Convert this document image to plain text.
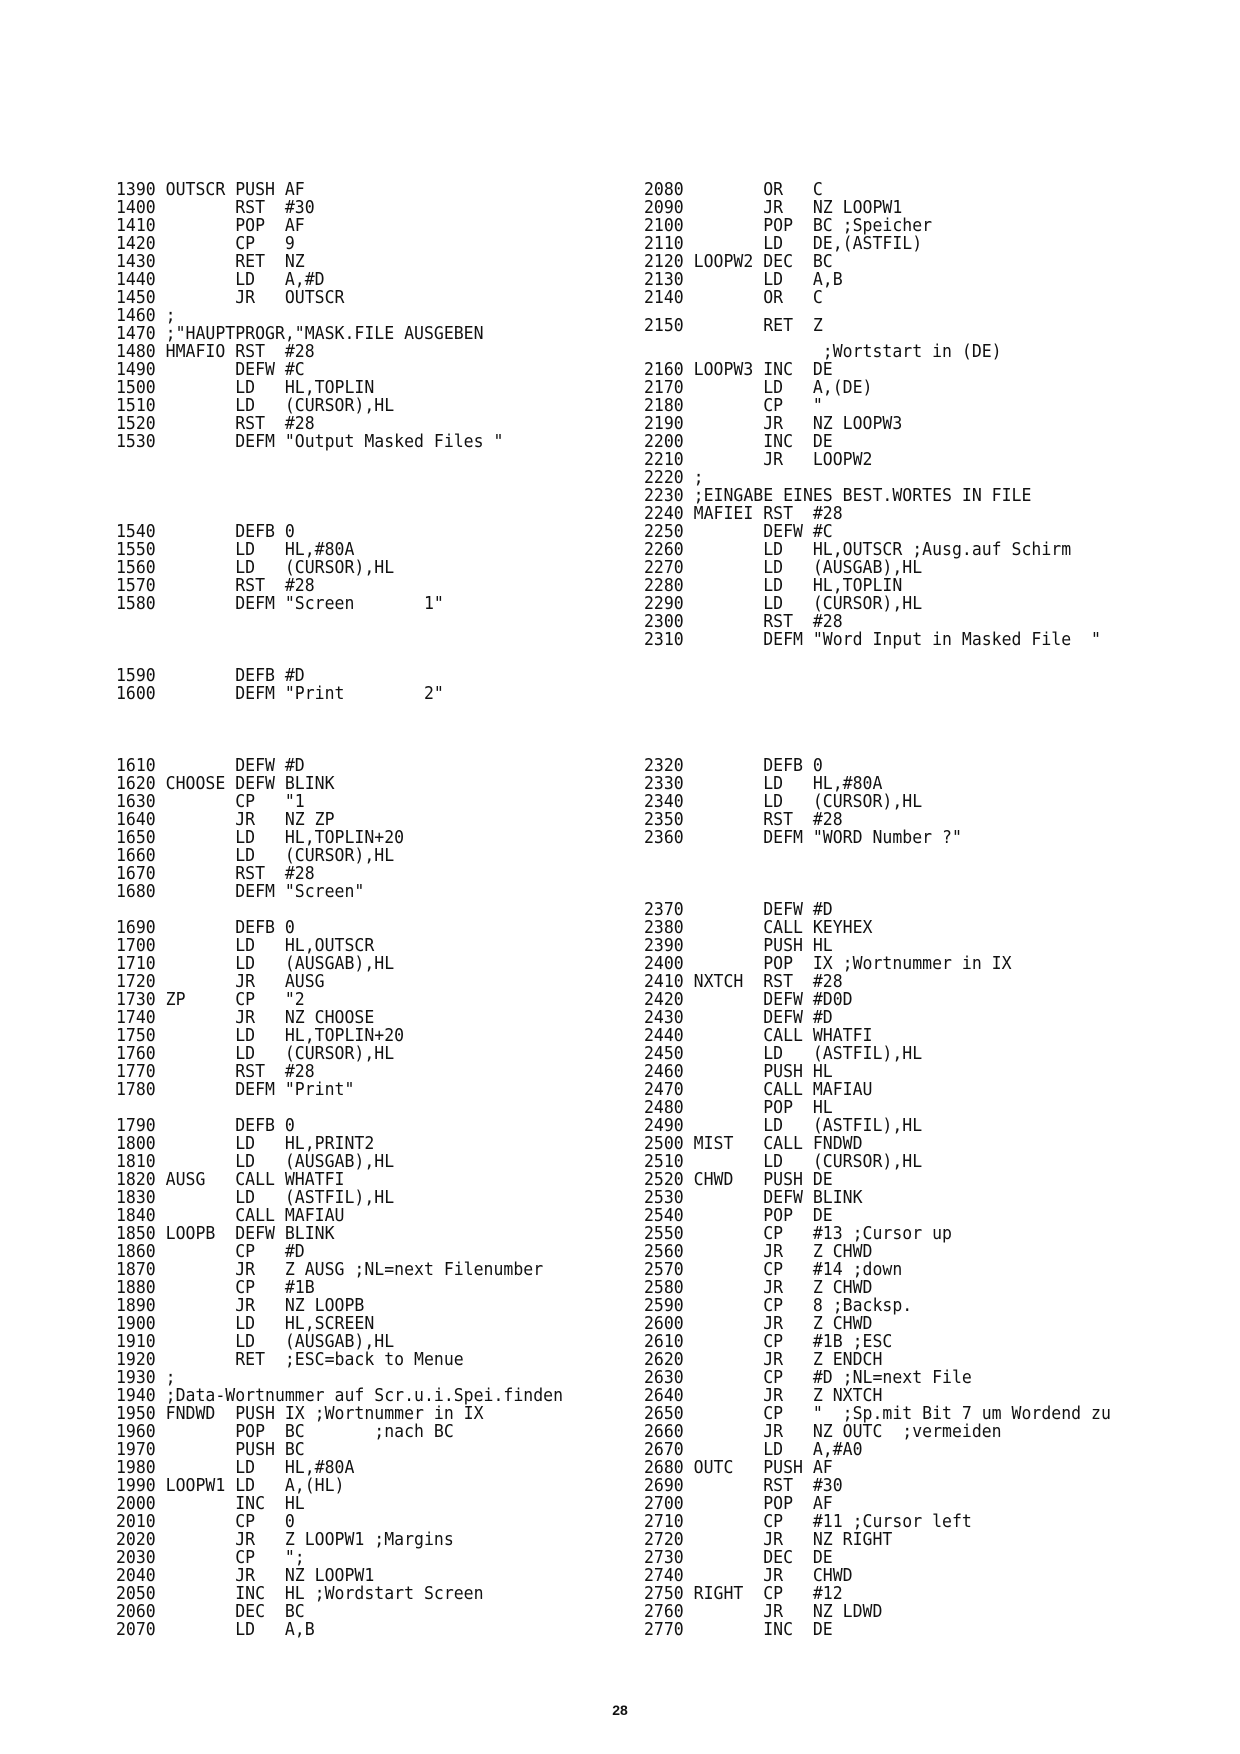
1390 OUTSCR PUSH AF
1400        RST  #30
1410        POP  AF
1420        CP   9
1430        RET  NZ
1440        LD   A,#D
1450        JR   OUTSCR
1460 ;
1470 ;"HAUPTPROGR,"MASK.FILE AUSGEBEN
1480 HMAFIO RST  #28
1490        DEFW #C
1500        LD   HL,TOPLIN
1510        LD   (CURSOR),HL
1520        RST  #28
1530        DEFM "Output Masked Files "
1540        DEFB 0
1550        LD   HL,#80A
1560        LD   (CURSOR),HL
1570        RST  #28
1580        DEFM "Screen       1"
1590        DEFB #D
1600        DEFM "Print        2"
1610        DEFW #D
1620 CHOOSE DEFW BLINK
1630        CP   "1
1640        JR   NZ ZP
1650        LD   HL,TOPLIN+20
1660        LD   (CURSOR),HL
1670        RST  #28
1680        DEFM "Screen"
1690        DEFB 0
1700        LD   HL,OUTSCR
1710        LD   (AUSGAB),HL
1720        JR   AUSG
1730 ZP     CP   "2
1740        JR   NZ CHOOSE
1750        LD   HL,TOPLIN+20
1760        LD   (CURSOR),HL
1770        RST  #28
1780        DEFM "Print"
1790        DEFB 0
1800        LD   HL,PRINT2
1810        LD   (AUSGAB),HL
1820 AUSG   CALL WHATFI
1830        LD   (ASTFIL),HL
1840        CALL MAFIAU
1850 LOOPB  DEFW BLINK
1860        CP   #D
1870        JR   Z AUSG ;NL=next Filenumber
1880        CP   #1B
1890        JR   NZ LOOPB
1900        LD   HL,SCREEN
1910        LD   (AUSGAB),HL
1920        RET  ;ESC=back to Menue
1930 ;
1940 ;Data-Wortnummer auf Scr.u.i.Spei.finden
1950 FNDWD  PUSH IX ;Wortnummer in IX
1960        POP  BC       ;nach BC
1970        PUSH BC
1980        LD   HL,#80A
1990 LOOPW1 LD   A,(HL)
2000        INC  HL
2010        CP   0
2020        JR   Z LOOPW1 ;Margins
2030        CP   ";
2040        JR   NZ LOOPW1
2050        INC  HL ;Wordstart Screen
2060        DEC  BC
2070        LD   A,B
2080        OR   C
2090        JR   NZ LOOPW1
2100        POP  BC ;Speicher
2110        LD   DE,(ASTFIL)
2120 LOOPW2 DEC  BC
2130        LD   A,B
2140        OR   C
2150        RET  Z
;Wortstart in (DE)
2160 LOOPW3 INC  DE
2170        LD   A,(DE)
2180        CP   "
2190        JR   NZ LOOPW3
2200        INC  DE
2210        JR   LOOPW2
2220 ;
2230 ;EINGABE EINES BEST.WORTES IN FILE
2240 MAFIEI RST  #28
2250        DEFW #C
2260        LD   HL,OUTSCR ;Ausg.auf Schirm
2270        LD   (AUSGAB),HL
2280        LD   HL,TOPLIN
2290        LD   (CURSOR),HL
2300        RST  #28
2310        DEFM "Word Input in Masked File  "
2320        DEFB 0
2330        LD   HL,#80A
2340        LD   (CURSOR),HL
2350        RST  #28
2360        DEFM "WORD Number ?"
2370        DEFW #D
2380        CALL KEYHEX
2390        PUSH HL
2400        POP  IX ;Wortnummer in IX
2410 NXTCH  RST  #28
2420        DEFW #D0D
2430        DEFW #D
2440        CALL WHATFI
2450        LD   (ASTFIL),HL
2460        PUSH HL
2470        CALL MAFIAU
2480        POP  HL
2490        LD   (ASTFIL),HL
2500 MIST   CALL FNDWD
2510        LD   (CURSOR),HL
2520 CHWD   PUSH DE
2530        DEFW BLINK
2540        POP  DE
2550        CP   #13 ;Cursor up
2560        JR   Z CHWD
2570        CP   #14 ;down
2580        JR   Z CHWD
2590        CP   8 ;Backsp.
2600        JR   Z CHWD
2610        CP   #1B ;ESC
2620        JR   Z ENDCH
2630        CP   #D ;NL=next File
2640        JR   Z NXTCH
2650        CP   "  ;Sp.mit Bit 7 um Wordend zu
2660        JR   NZ OUTC  ;vermeiden
2670        LD   A,#A0
2680 OUTC   PUSH AF
2690        RST  #30
2700        POP  AF
2710        CP   #11 ;Cursor left
2720        JR   NZ RIGHT
2730        DEC  DE
2740        JR   CHWD
2750 RIGHT  CP   #12
2760        JR   NZ LDWD
2770        INC  DE
28
